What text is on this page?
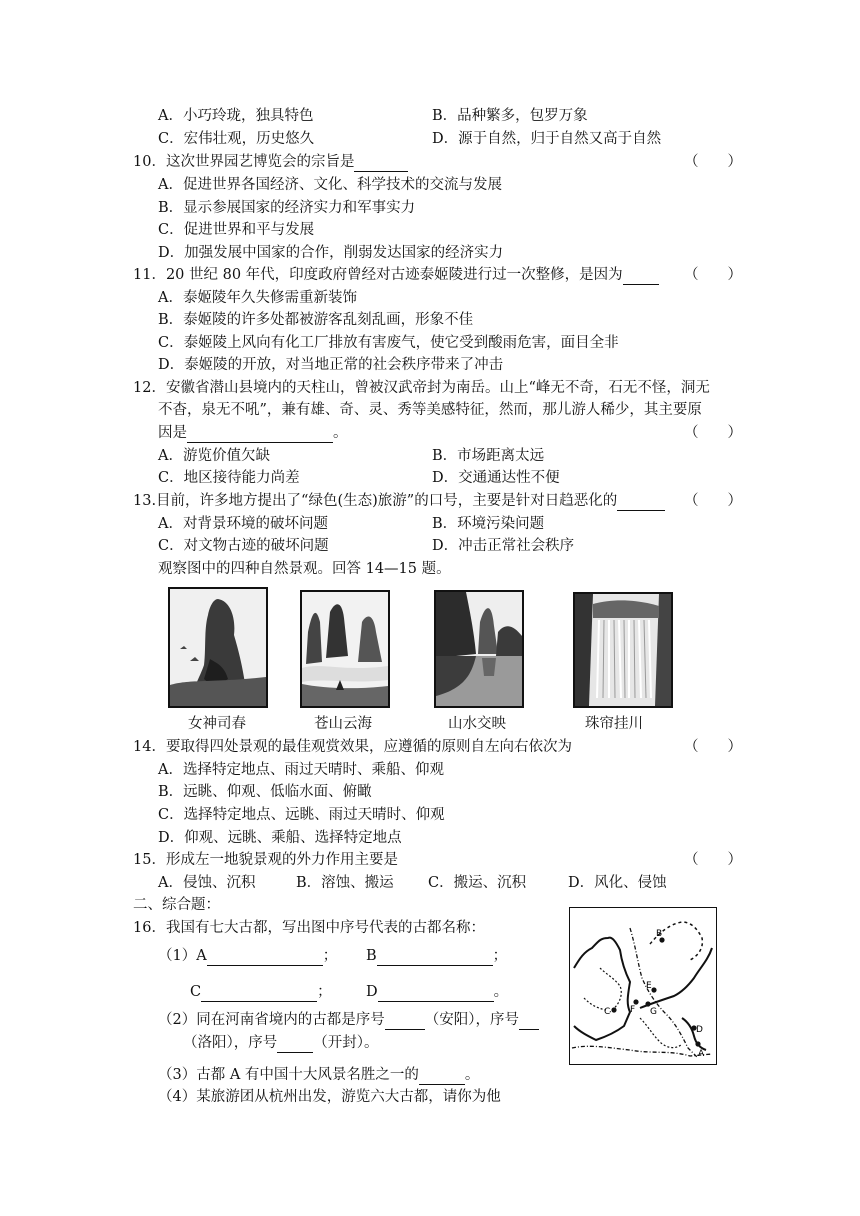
A．小巧玲珑，独具特色	B．品种繁多，包罗万象
C．宏伟壮观，历史悠久	D．源于自然，归于自然又高于自然
10．这次世界园艺博览会的宗旨是	（　　）
A．促进世界各国经济、文化、科学技术的交流与发展
B．显示参展国家的经济实力和军事实力
C．促进世界和平与发展
D．加强发展中国家的合作，削弱发达国家的经济实力
11．20 世纪 80 年代，印度政府曾经对古迹泰姬陵进行过一次整修，是因为	（　　）
A．泰姬陵年久失修需重新装饰
B．泰姬陵的许多处都被游客乱刻乱画，形象不佳
C．泰姬陵上风向有化工厂排放有害废气，使它受到酸雨危害，面目全非
D．泰姬陵的开放，对当地正常的社会秩序带来了冲击
12．安徽省潜山县境内的天柱山，曾被汉武帝封为南岳。山上“峰无不奇，石无不怪，洞无
不杳，泉无不吼”，兼有雄、奇、灵、秀等美感特征，然而，那儿游人稀少，其主要原
因是	。	（　　）
A．游览价值欠缺	B．市场距离太远
C．地区接待能力尚差	D．交通通达性不便
13.目前，许多地方提出了“绿色(生态)旅游”的口号，主要是针对日趋恶化的	（　　）
A．对背景环境的破坏问题	B．环境污染问题
C．对文物古迹的破坏问题	D．冲击正常社会秩序
观察图中的四种自然景观。回答 14—15 题。
女神司春	苍山云海	山水交映	珠帘挂川
14．要取得四处景观的最佳观赏效果，应遵循的原则自左向右依次为	（　　）
A．选择特定地点、雨过天晴时、乘船、仰观
B．远眺、仰观、低临水面、俯瞰
C．选择特定地点、远眺、雨过天晴时、仰观
D．仰观、远眺、乘船、选择特定地点
15．形成左一地貌景观的外力作用主要是	（　　）
A．侵蚀、沉积	B．溶蚀、搬运 C．搬运、沉积	D．风化、侵蚀
二、综合题：
16．我国有七大古都，写出图中序号代表的古都名称：
（1）A	； B	；
C	； D	。
（2）同在河南省境内的古都是序号	（安阳），序号
（洛阳），序号 （开封）。
（3）古都 A 有中国十大风景名胜之一的	。
（4）某旅游团从杭州出发，游览六大古都，请你为他
B
E
C F G
D
A
